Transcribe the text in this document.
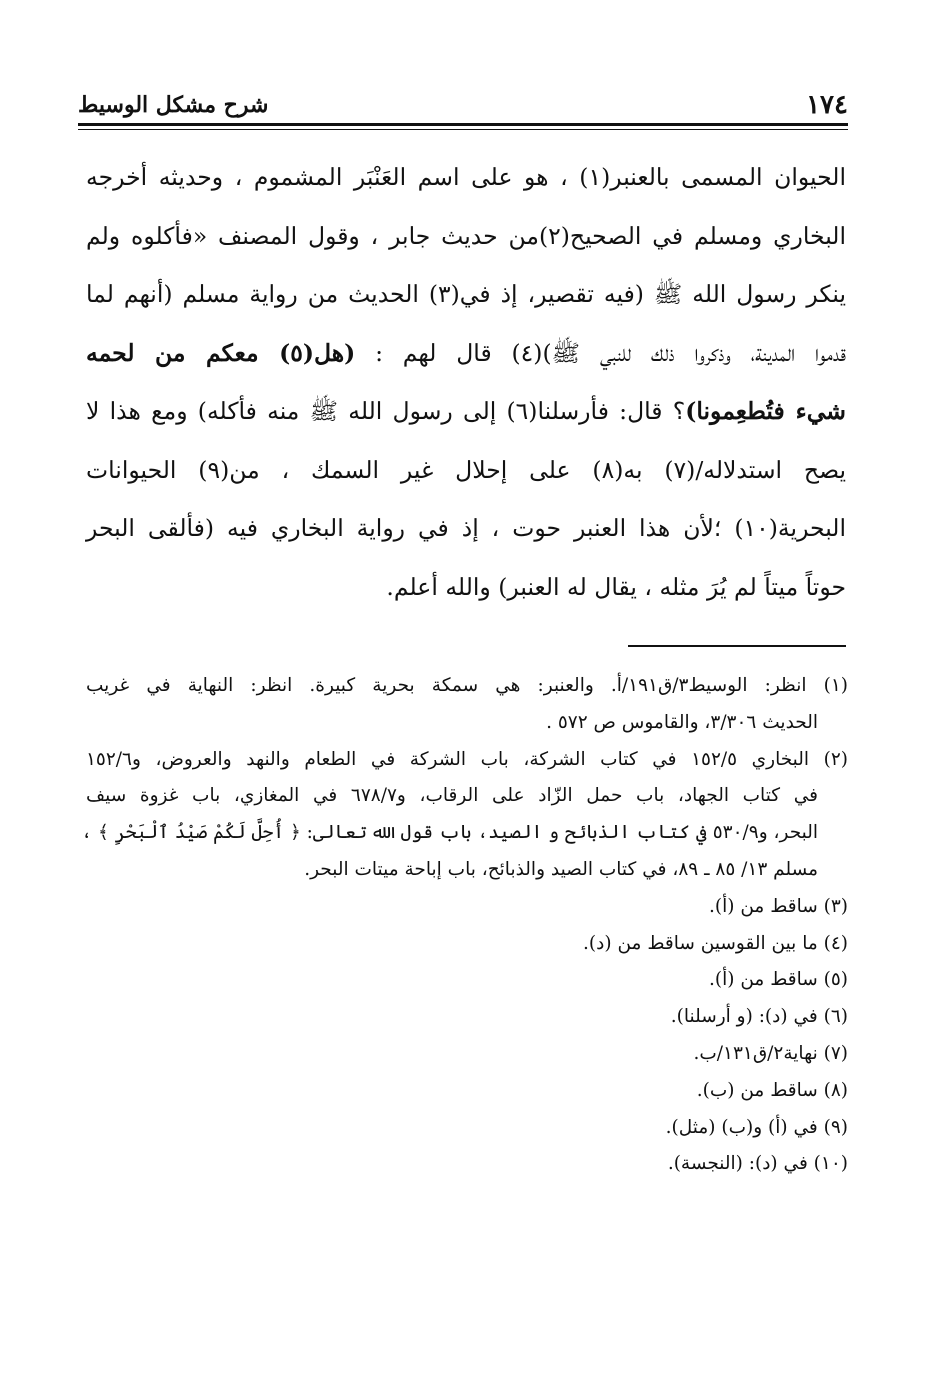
١٧٤
شرح مشكل الوسيط
الحيوان المسمى بالعنبر(١) ، هو على اسم العَنْبَر المشموم ، وحديثه أخرجه
البخاري ومسلم في الصحيح(٢)من حديث جابر ، وقول المصنف «فأكلوه ولم
ينكر رسول الله ﷺ (فيه تقصير، إذ في(٣) الحديث من رواية مسلم (أنهم لما
قدموا المدينة، وذكروا ذلك للنبي ﷺ)(٤) قال لهم : (هل(٥) معكم من لحمه
شيء فتُطعِمونا)؟ قال: فأرسلنا(٦) إلى رسول الله ﷺ منه فأكله) ومع هذا لا
يصح استدلاله/(٧) به(٨) على إحلال غير السمك ، من(٩) الحيوانات
البحرية(١٠) ؛لأن هذا العنبر حوت ، إذ في رواية البخاري فيه (فألقى البحر
حوتاً ميتاً لم يُرَ مثله ، يقال له العنبر) والله أعلم.
(١) انظر: الوسيط٣/ق١٩١/أ. والعنبر: هي سمكة بحرية كبيرة. انظر: النهاية في غريب
الحديث ٣/٣٠٦، والقاموس ص ٥٧٢ .
(٢) البخاري ١٥٢/٥ في كتاب الشركة، باب الشركة في الطعام والنهد والعروض، و١٥٢/٦
في كتاب الجهاد، باب حمل الزّاد على الرقاب، و٦٧٨/٧ في المغازي، باب غزوة سيف
البحر، و٥٣٠/٩ في كتاب الذبائح و الصيد، باب قول الله تعالى: ﴿ أُحِلَّ لَكُمْ صَيْدُ ٱلْبَحْرِ ﴾ ،
مسلم ١٣/ ٨٥ ـ ٨٩، في كتاب الصيد والذبائح، باب إباحة ميتات البحر.
(٣) ساقط من (أ).
(٤) ما بين القوسين ساقط من (د).
(٥) ساقط من (أ).
(٦) في (د): (و أرسلنا).
(٧) نهاية٢/ق١٣١/ب.
(٨) ساقط من (ب).
(٩) في (أ) و(ب) (مثل).
(١٠) في (د): (النجسة).
